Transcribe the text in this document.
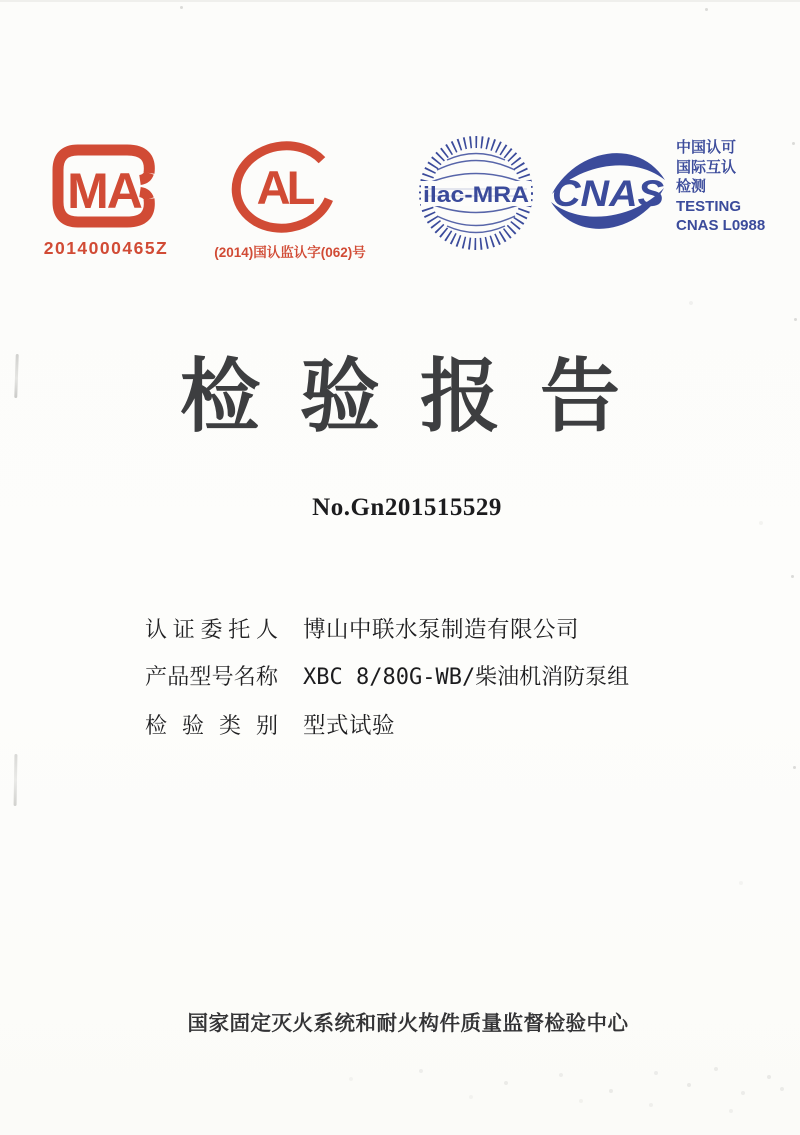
MA
2014000465Z
AL
(2014)国认监认字(062)号
ilac-MRA CNAS
中国认可
国际互认
检测
TESTING
CNAS L0988
检验报告
No.Gn201515529
认证委托人 博山中联水泵制造有限公司
产品型号名称 XBC 8/80G-WB/柴油机消防泵组
检验类别 型式试验
国家固定灭火系统和耐火构件质量监督检验中心
